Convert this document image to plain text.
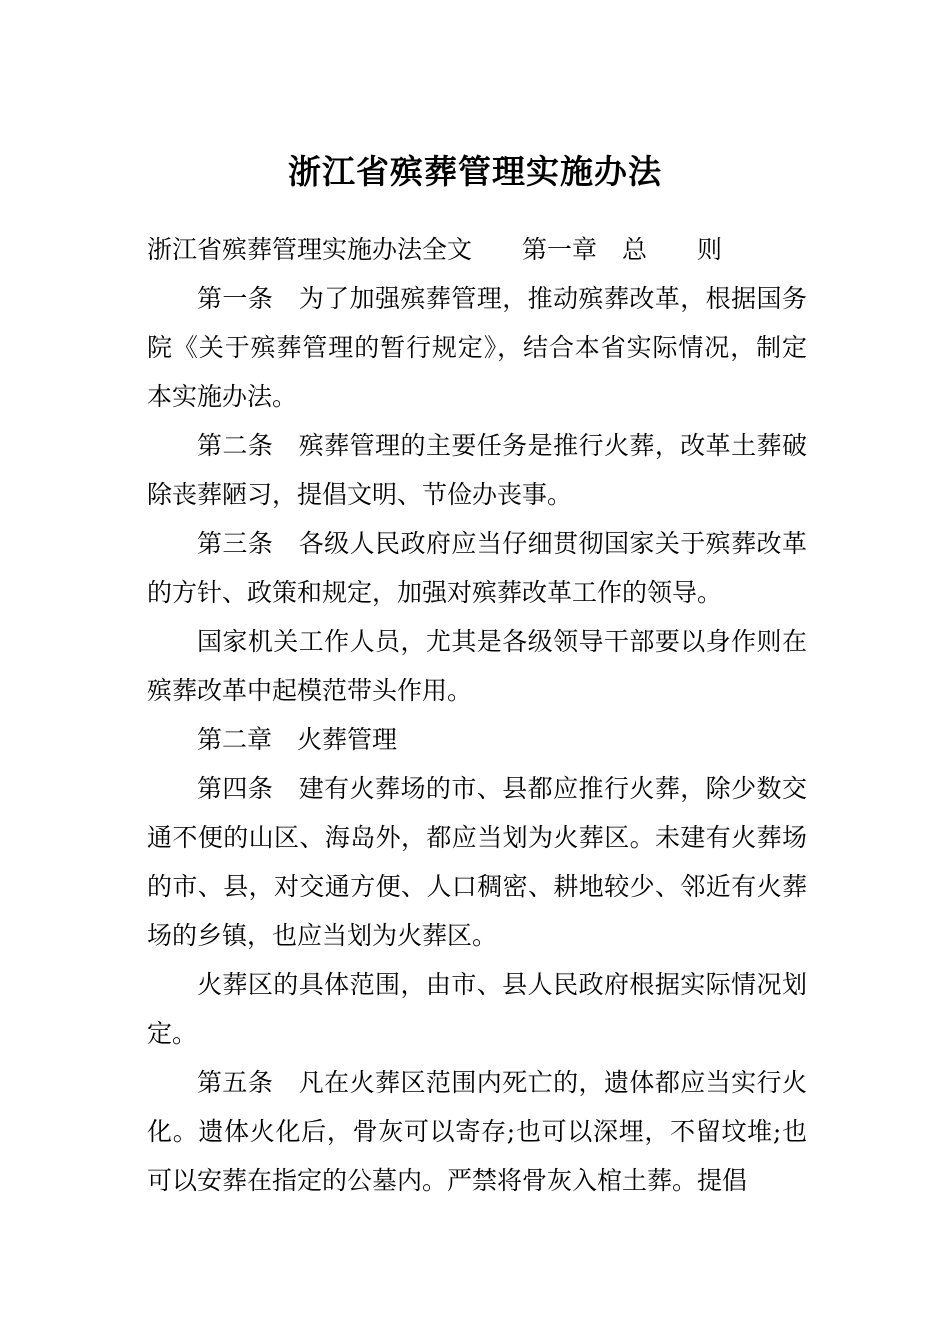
浙江省殡葬管理实施办法

浙江省殡葬管理实施办法全文　　第一章　总　　则

第一条　为了加强殡葬管理，推动殡葬改革，根据国务院《关于殡葬管理的暂行规定》，结合本省实际情况，制定本实施办法。

第二条　殡葬管理的主要任务是推行火葬，改革土葬破除丧葬陋习，提倡文明、节俭办丧事。

第三条　各级人民政府应当仔细贯彻国家关于殡葬改革的方针、政策和规定，加强对殡葬改革工作的领导。

国家机关工作人员，尤其是各级领导干部要以身作则在殡葬改革中起模范带头作用。

第二章　火葬管理

第四条　建有火葬场的市、县都应推行火葬，除少数交通不便的山区、海岛外，都应当划为火葬区。未建有火葬场的市、县，对交通方便、人口稠密、耕地较少、邻近有火葬场的乡镇，也应当划为火葬区。

火葬区的具体范围，由市、县人民政府根据实际情况划定。

第五条　凡在火葬区范围内死亡的，遗体都应当实行火化。遗体火化后，骨灰可以寄存;也可以深埋，不留坟堆;也可以安葬在指定的公墓内。严禁将骨灰入棺土葬。提倡
